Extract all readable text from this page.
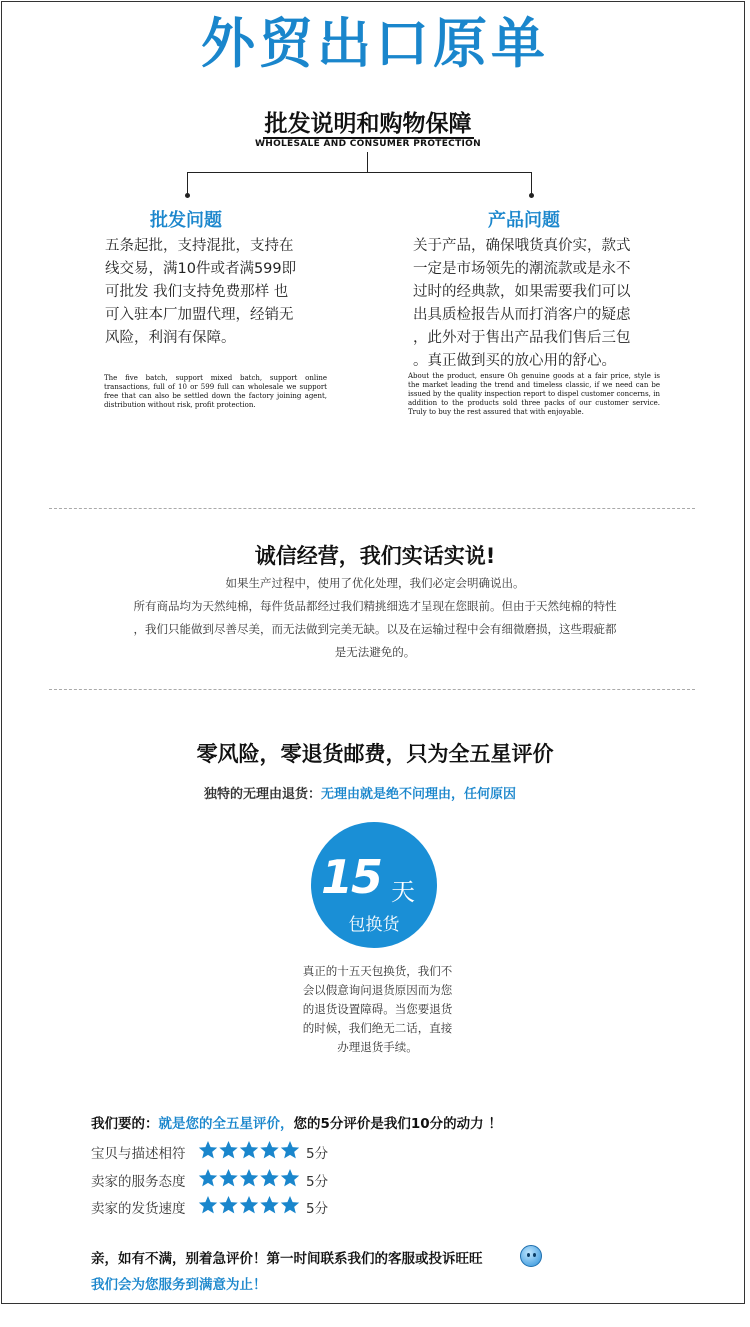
外贸出口原单
批发说明和购物保障
WHOLESALE AND CONSUMER PROTECTION
批发问题
五条起批，支持混批，支持在
线交易，满10件或者满599即
可批发 我们支持免费那样 也
可入驻本厂加盟代理，经销无
风险，利润有保障。
The five batch, support mixed batch, support online transactions, full of 10 or 599 full can wholesale we support free that can also be settled down the factory joining agent, distribution without risk, profit protection.
产品问题
关于产品，确保哦货真价实，款式
一定是市场领先的潮流款或是永不
过时的经典款，如果需要我们可以
出具质检报告从而打消客户的疑虑
，此外对于售出产品我们售后三包
。真正做到买的放心用的舒心。
About the product, ensure Oh genuine goods at a fair price, style is the market leading the trend and timeless classic, if we need can be issued by the quality inspection report to dispel customer concerns, in addition to the products sold three packs of our customer service. Truly to buy the rest assured that with enjoyable.
诚信经营，我们实话实说!
如果生产过程中，使用了优化处理，我们必定会明确说出。
所有商品均为天然纯棉，每件货品都经过我们精挑细选才呈现在您眼前。但由于天然纯棉的特性
，我们只能做到尽善尽美，而无法做到完美无缺。以及在运输过程中会有细微磨损，这些瑕疵都
是无法避免的。
零风险，零退货邮费，只为全五星评价
独特的无理由退货：无理由就是绝不问理由，任何原因
15 天
包换货
真正的十五天包换货，我们不
会以假意询问退货原因而为您
的退货设置障碍。当您要退货
的时候，我们绝无二话，直接
办理退货手续。
我们要的：就是您的全五星评价，您的5分评价是我们10分的动力 ！
宝贝与描述相符	5分
卖家的服务态度	5分
卖家的发货速度	5分
亲，如有不满，别着急评价！第一时间联系我们的客服或投诉旺旺
我们会为您服务到满意为止！
